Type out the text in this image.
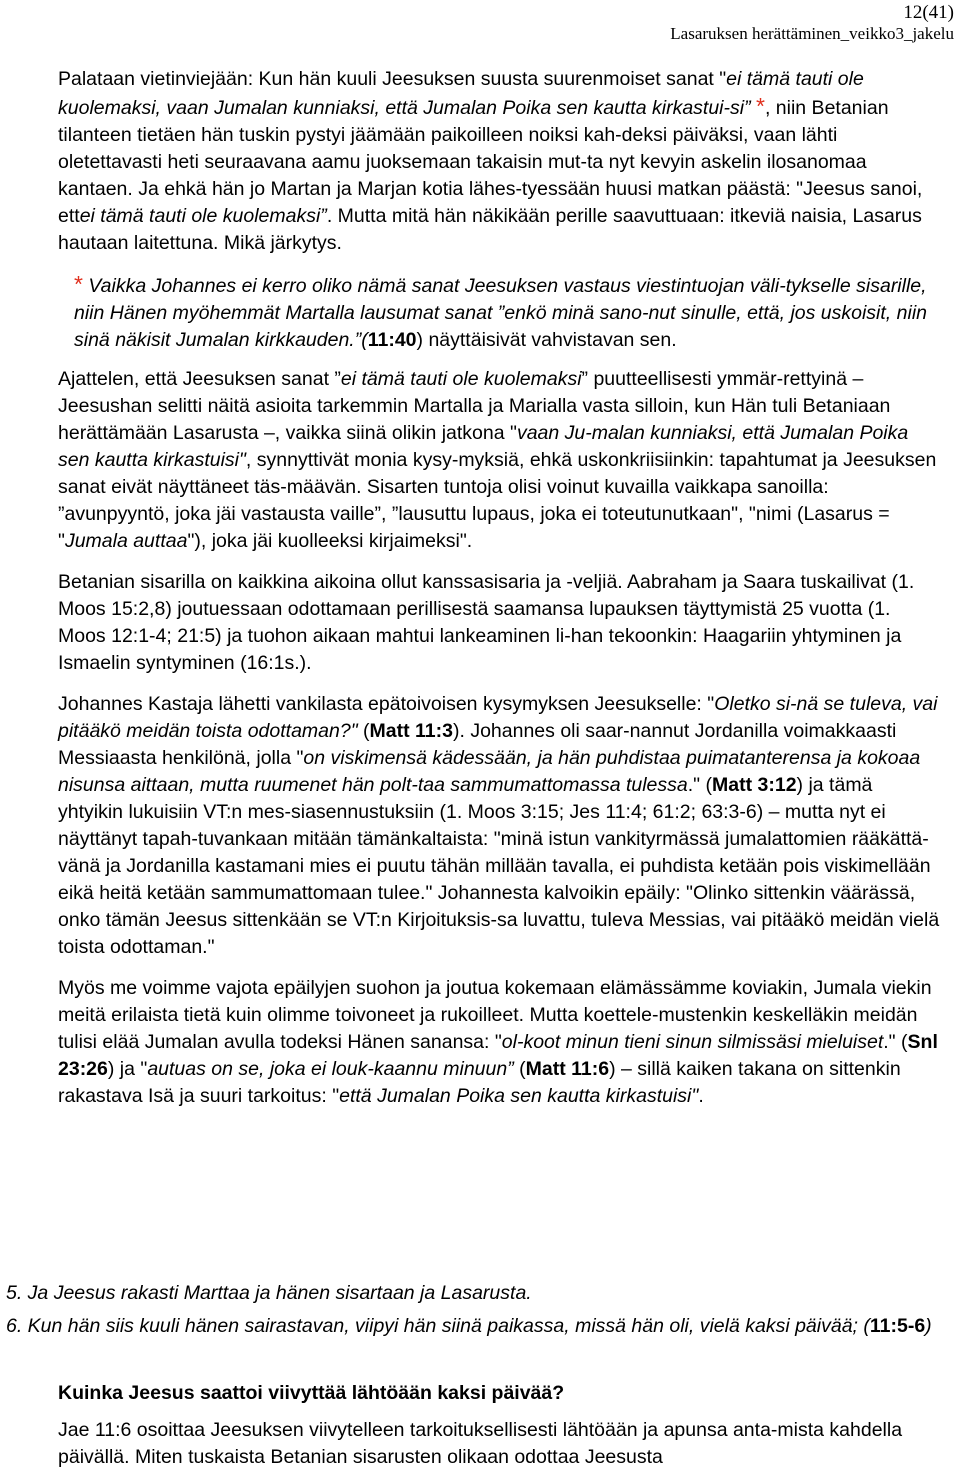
12(41)
Lasaruksen herättäminen_veikko3_jakelu

Palataan vietinviejään: Kun hän kuuli Jeesuksen suusta suurenmoiset sanat "ei tämä tauti ole kuolemaksi, vaan Jumalan kunniaksi, että Jumalan Poika sen kautta kirkastui-si” *, niin Betanian tilanteen tietäen hän tuskin pystyi jäämään paikoilleen noiksi kah-deksi päiväksi, vaan lähti oletettavasti heti seuraavana aamu juoksemaan takaisin mut-ta nyt kevyin askelin ilosanomaa kantaen. Ja ehkä hän jo Martan ja Marjan kotia lähes-tyessään huusi matkan päästä: "Jeesus sanoi, ettei tämä tauti ole kuolemaksi”. Mutta mitä hän näkikään perille saavuttuaan: itkeviä naisia, Lasarus hautaan laitettuna. Mikä järkytys.

* Vaikka Johannes ei kerro oliko nämä sanat Jeesuksen vastaus viestintuojan väli-tykselle sisarille, niin Hänen myöhemmät Martalla lausumat sanat ”enkö minä sano-nut sinulle, että, jos uskoisit, niin sinä näkisit Jumalan kirkkauden.”(11:40) näyttäisivät vahvistavan sen.

Ajattelen, että Jeesuksen sanat ”ei tämä tauti ole kuolemaksi” puutteellisesti ymmär-rettyinä – Jeesushan selitti näitä asioita tarkemmin Martalla ja Marialla vasta silloin, kun Hän tuli Betaniaan herättämään Lasarusta –, vaikka siinä olikin jatkona "vaan Ju-malan kunniaksi, että Jumalan Poika sen kautta kirkastuisi", synnyttivät monia kysy-myksiä, ehkä uskonkriisiinkin: tapahtumat ja Jeesuksen sanat eivät näyttäneet täs-määvän. Sisarten tuntoja olisi voinut kuvailla vaikkapa sanoilla: ”avunpyyntö, joka jäi vastausta vaille”, ”lausuttu lupaus, joka ei toteutunutkaan", "nimi (Lasarus = "Jumala auttaa"), joka jäi kuolleeksi kirjaimeksi".

Betanian sisarilla on kaikkina aikoina ollut kanssasisaria ja -veljiä. Aabraham ja Saara tuskailivat (1. Moos 15:2,8) joutuessaan odottamaan perillisestä saamansa lupauksen täyttymistä 25 vuotta (1. Moos 12:1-4; 21:5) ja tuohon aikaan mahtui lankeaminen li-han tekoonkin: Haagariin yhtyminen ja Ismaelin syntyminen (16:1s.).

Johannes Kastaja lähetti vankilasta epätoivoisen kysymyksen Jeesukselle: "Oletko si-nä se tuleva, vai pitääkö meidän toista odottaman?" (Matt 11:3). Johannes oli saar-nannut Jordanilla voimakkaasti Messiaasta henkilönä, jolla "on viskimensä kädessään, ja hän puhdistaa puimatanterensa ja kokoaa nisunsa aittaan, mutta ruumenet hän polt-taa sammumattomassa tulessa." (Matt 3:12) ja tämä yhtyikin lukuisiin VT:n mes-siasennustuksiin (1. Moos 3:15; Jes 11:4; 61:2; 63:3-6) – mutta nyt ei näyttänyt tapah-tuvankaan mitään tämänkaltaista: "minä istun vankityrmässä jumalattomien rääkättä-vänä ja Jordanilla kastamani mies ei puutu tähän millään tavalla, ei puhdista ketään pois viskimellään eikä heitä ketään sammumattomaan tulee." Johannesta kalvoikin epäily: "Olinko sittenkin väärässä, onko tämän Jeesus sittenkään se VT:n Kirjoituksis-sa luvattu, tuleva Messias, vai pitääkö meidän vielä toista odottaman."

Myös me voimme vajota epäilyjen suohon ja joutua kokemaan elämässämme koviakin, Jumala viekin meitä erilaista tietä kuin olimme toivoneet ja rukoilleet. Mutta koettele-mustenkin keskelläkin meidän tulisi elää Jumalan avulla todeksi Hänen sanansa: "ol-koot minun tieni sinun silmissäsi mieluiset." (Snl 23:26) ja "autuas on se, joka ei louk-kaannu minuun” (Matt 11:6) – sillä kaiken takana on sittenkin rakastava Isä ja suuri tarkoitus: "että Jumalan Poika sen kautta kirkastuisi".

5. Ja Jeesus rakasti Marttaa ja hänen sisartaan ja Lasarusta.
6. Kun hän siis kuuli hänen sairastavan, viipyi hän siinä paikassa, missä hän oli, vielä kaksi päivää; (11:5-6)
Kuinka Jeesus saattoi viivyttää lähtöään kaksi päivää?
Jae 11:6 osoittaa Jeesuksen viivytelleen tarkoituksellisesti lähtöään ja apunsa anta-mista kahdella päivällä. Miten tuskaista Betanian sisarusten olikaan odottaa Jeesusta
